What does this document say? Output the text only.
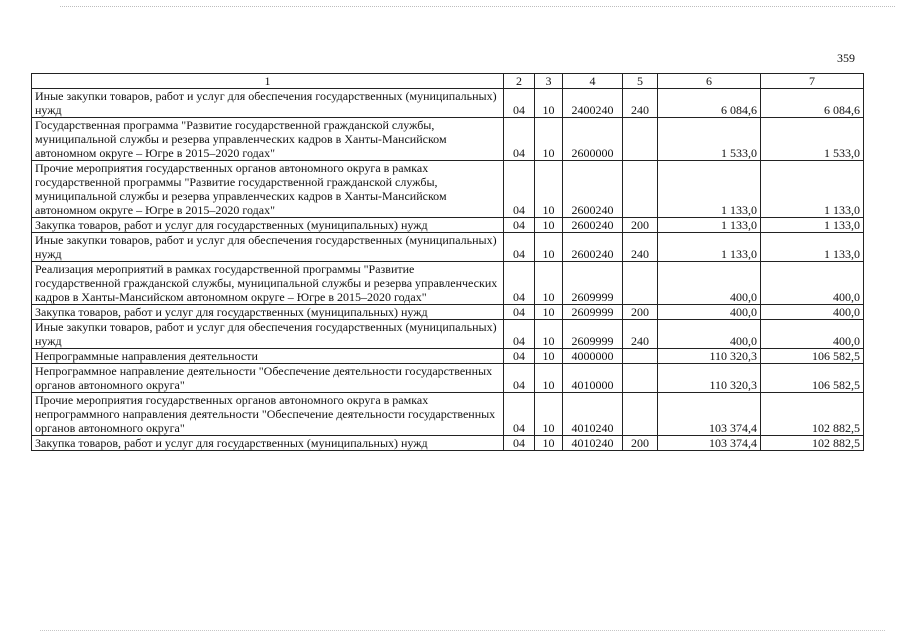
359
1	2	3	4	5	6	7
Иные закупки товаров, работ и услуг для обеспечения государственных (муниципальных) нужд	04	10	2400240	240	6 084,6	6 084,6
Государственная программа "Развитие государственной гражданской службы, муниципальной службы и резерва управленческих кадров в Ханты-Мансийском автономном округе – Югре в 2015–2020 годах"	04	10	2600000		1 533,0	1 533,0
Прочие мероприятия государственных органов автономного округа в рамках государственной программы "Развитие государственной гражданской службы, муниципальной службы и резерва управленческих кадров в Ханты-Мансийском автономном округе – Югре в 2015–2020 годах"	04	10	2600240		1 133,0	1 133,0
Закупка товаров, работ и услуг для государственных (муниципальных) нужд	04	10	2600240	200	1 133,0	1 133,0
Иные закупки товаров, работ и услуг для обеспечения государственных (муниципальных) нужд	04	10	2600240	240	1 133,0	1 133,0
Реализация мероприятий в рамках государственной программы "Развитие государственной гражданской службы, муниципальной службы и резерва управленческих кадров в Ханты-Мансийском автономном округе – Югре в 2015–2020 годах"	04	10	2609999		400,0	400,0
Закупка товаров, работ и услуг для государственных (муниципальных) нужд	04	10	2609999	200	400,0	400,0
Иные закупки товаров, работ и услуг для обеспечения государственных (муниципальных) нужд	04	10	2609999	240	400,0	400,0
Непрограммные направления деятельности	04	10	4000000		110 320,3	106 582,5
Непрограммное направление деятельности "Обеспечение деятельности государственных органов автономного округа"	04	10	4010000		110 320,3	106 582,5
Прочие мероприятия государственных органов автономного округа в рамках непрограммного направления деятельности "Обеспечение деятельности государственных органов автономного округа"	04	10	4010240		103 374,4	102 882,5
Закупка товаров, работ и услуг для государственных (муниципальных) нужд	04	10	4010240	200	103 374,4	102 882,5
